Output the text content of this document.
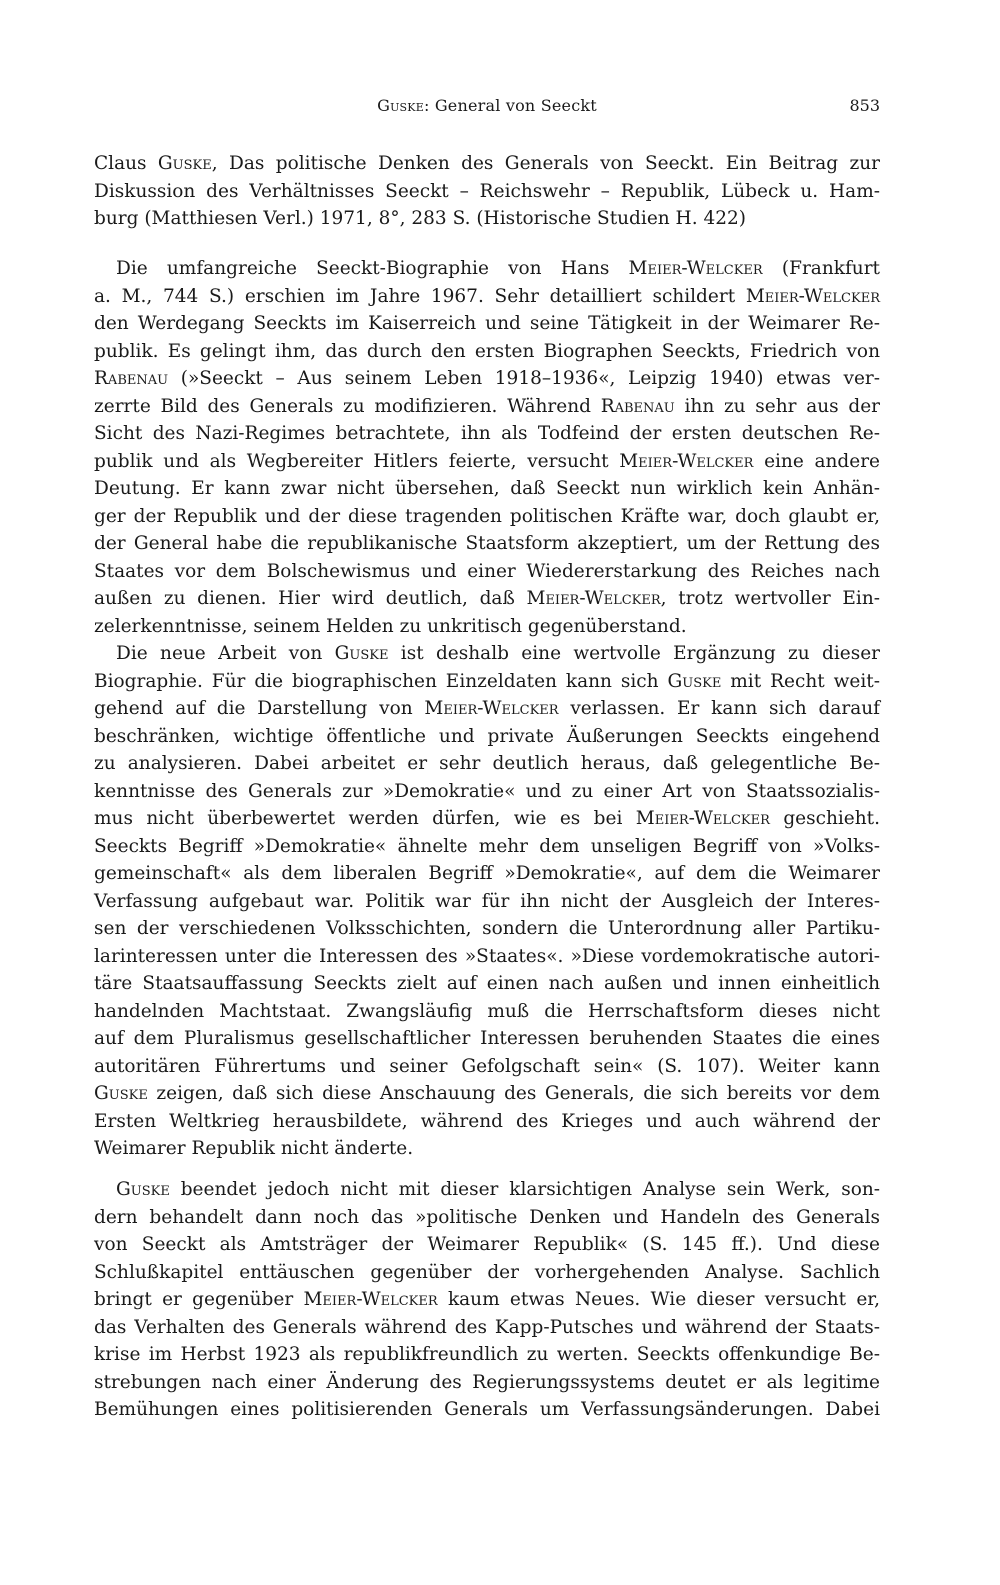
Guske: General von Seeckt	853
Claus Guske, Das politische Denken des Generals von Seeckt. Ein Beitrag zur
Diskussion des Verhältnisses Seeckt – Reichswehr – Republik, Lübeck u. Ham-
burg (Matthiesen Verl.) 1971, 8°, 283 S. (Historische Studien H. 422)
Die umfangreiche Seeckt-Biographie von Hans Meier-Welcker (Frankfurt
a. M., 744 S.) erschien im Jahre 1967. Sehr detailliert schildert Meier-Welcker
den Werdegang Seeckts im Kaiserreich und seine Tätigkeit in der Weimarer Re-
publik. Es gelingt ihm, das durch den ersten Biographen Seeckts, Friedrich von
Rabenau (»Seeckt – Aus seinem Leben 1918–1936«, Leipzig 1940) etwas ver-
zerrte Bild des Generals zu modifizieren. Während Rabenau ihn zu sehr aus der
Sicht des Nazi-Regimes betrachtete, ihn als Todfeind der ersten deutschen Re-
publik und als Wegbereiter Hitlers feierte, versucht Meier-Welcker eine andere
Deutung. Er kann zwar nicht übersehen, daß Seeckt nun wirklich kein Anhän-
ger der Republik und der diese tragenden politischen Kräfte war, doch glaubt er,
der General habe die republikanische Staatsform akzeptiert, um der Rettung des
Staates vor dem Bolschewismus und einer Wiedererstarkung des Reiches nach
außen zu dienen. Hier wird deutlich, daß Meier-Welcker, trotz wertvoller Ein-
zelerkenntnisse, seinem Helden zu unkritisch gegenüberstand.
Die neue Arbeit von Guske ist deshalb eine wertvolle Ergänzung zu dieser
Biographie. Für die biographischen Einzeldaten kann sich Guske mit Recht weit-
gehend auf die Darstellung von Meier-Welcker verlassen. Er kann sich darauf
beschränken, wichtige öffentliche und private Äußerungen Seeckts eingehend
zu analysieren. Dabei arbeitet er sehr deutlich heraus, daß gelegentliche Be-
kenntnisse des Generals zur »Demokratie« und zu einer Art von Staatssozialis-
mus nicht überbewertet werden dürfen, wie es bei Meier-Welcker geschieht.
Seeckts Begriff »Demokratie« ähnelte mehr dem unseligen Begriff von »Volks-
gemeinschaft« als dem liberalen Begriff »Demokratie«, auf dem die Weimarer
Verfassung aufgebaut war. Politik war für ihn nicht der Ausgleich der Interes-
sen der verschiedenen Volksschichten, sondern die Unterordnung aller Partiku-
larinteressen unter die Interessen des »Staates«. »Diese vordemokratische autori-
täre Staatsauffassung Seeckts zielt auf einen nach außen und innen einheitlich
handelnden Machtstaat. Zwangsläufig muß die Herrschaftsform dieses nicht
auf dem Pluralismus gesellschaftlicher Interessen beruhenden Staates die eines
autoritären Führertums und seiner Gefolgschaft sein« (S. 107). Weiter kann
Guske zeigen, daß sich diese Anschauung des Generals, die sich bereits vor dem
Ersten Weltkrieg herausbildete, während des Krieges und auch während der
Weimarer Republik nicht änderte.
Guske beendet jedoch nicht mit dieser klarsichtigen Analyse sein Werk, son-
dern behandelt dann noch das »politische Denken und Handeln des Generals
von Seeckt als Amtsträger der Weimarer Republik« (S. 145 ff.). Und diese
Schlußkapitel enttäuschen gegenüber der vorhergehenden Analyse. Sachlich
bringt er gegenüber Meier-Welcker kaum etwas Neues. Wie dieser versucht er,
das Verhalten des Generals während des Kapp-Putsches und während der Staats-
krise im Herbst 1923 als republikfreundlich zu werten. Seeckts offenkundige Be-
strebungen nach einer Änderung des Regierungssystems deutet er als legitime
Bemühungen eines politisierenden Generals um Verfassungsänderungen. Dabei
